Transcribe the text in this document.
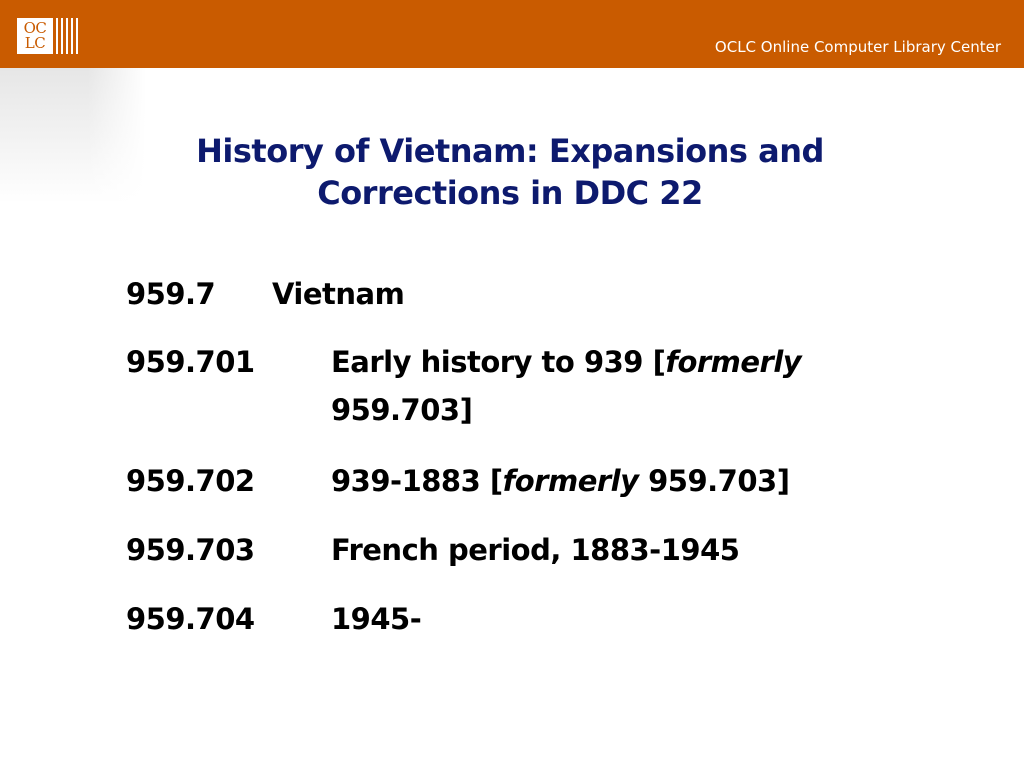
OC
LC	OCLC Online Computer Library Center
History of Vietnam: Expansions and
Corrections in DDC 22
959.7 Vietnam
959.701	Early history to 939 [formerly
959.703]
959.702	939-1883 [formerly 959.703]
959.703	French period, 1883-1945
959.704	1945-
